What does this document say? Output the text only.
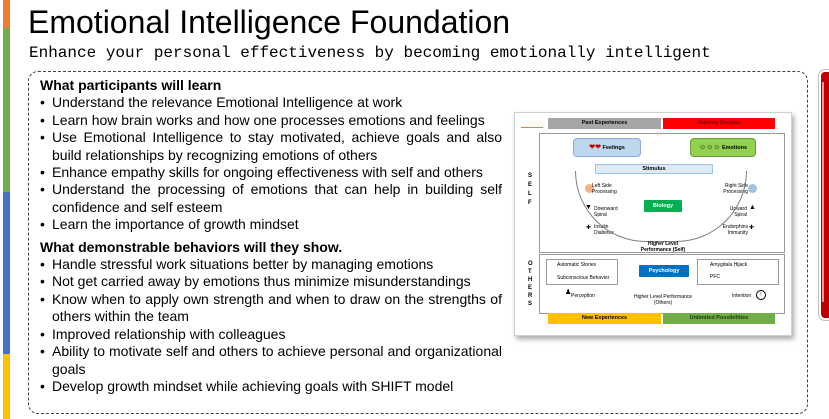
Emotional Intelligence Foundation
Enhance your personal effectiveness by becoming emotionally intelligent

What participants will learn

• Understand the relevance Emotional Intelligence at work
• Learn how brain works and how one processes emotions and feelings
• Use Emotional Intelligence to stay motivated, achieve goals and also build relationships by recognizing emotions of others
• Enhance empathy skills for ongoing effectiveness with self and others
• Understand the processing of emotions that can help in building self confidence and self esteem
• Learn the importance of growth mindset

What demonstrable behaviors will they show.

• Handle stressful work situations better by managing emotions
• Not get carried away by emotions thus minimize misunderstandings
• Know when to apply own strength and when to draw on the strengths of others within the team
• Improved relationship with colleagues
• Ability to motivate self and others to achieve personal and organizational goals
• Develop growth mindset while achieving goals with SHIFT model
Past Experiences	Guiding Dreams
S
E
L
F
O
T
H
E
R
S
❤❤ Feelings	☺☺☺ Emotions
Stimulus
Left Side Processing
Right Side Processing
▼ Downward Spiral
▲
Upward Spiral
Biology
✚ Insulin Diabetes
✚
Endorphins Immunity
Higher Level Performance (Self)
Automatic Stories
Subconscious Behavior
Psychology
Amygdala Hijack
PFC
♟ Perception	Higher Level Performance (Others)
Intention	!
New Experiences	Unlimited Possibilities
